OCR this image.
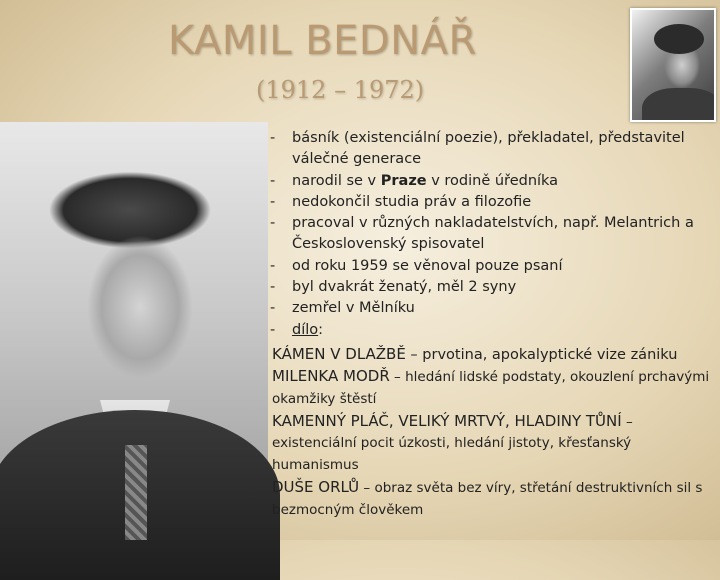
KAMIL BEDNÁŘ
(1912 – 1972)
- básník (existenciální poezie), překladatel, představitel válečné generace
- narodil se v Praze v rodině úředníka
- nedokončil studia práv a filozofie
- pracoval v různých nakladatelstvích, např. Melantrich a Československý spisovatel
- od roku 1959 se věnoval pouze psaní
- byl dvakrát ženatý, měl 2 syny
- zemřel v Mělníku
- dílo:

KÁMEN V DLAŽBĚ – prvotina, apokalyptické vize zániku

MILENKA MODŘ – hledání lidské podstaty, okouzlení prchavými okamžiky štěstí

KAMENNÝ PLÁČ, VELIKÝ MRTVÝ, HLADINY TŮNÍ – existenciální pocit úzkosti, hledání jistoty, křesťanský humanismus

DUŠE ORLŮ – obraz světa bez víry, střetání destruktivních sil s bezmocným člověkem
